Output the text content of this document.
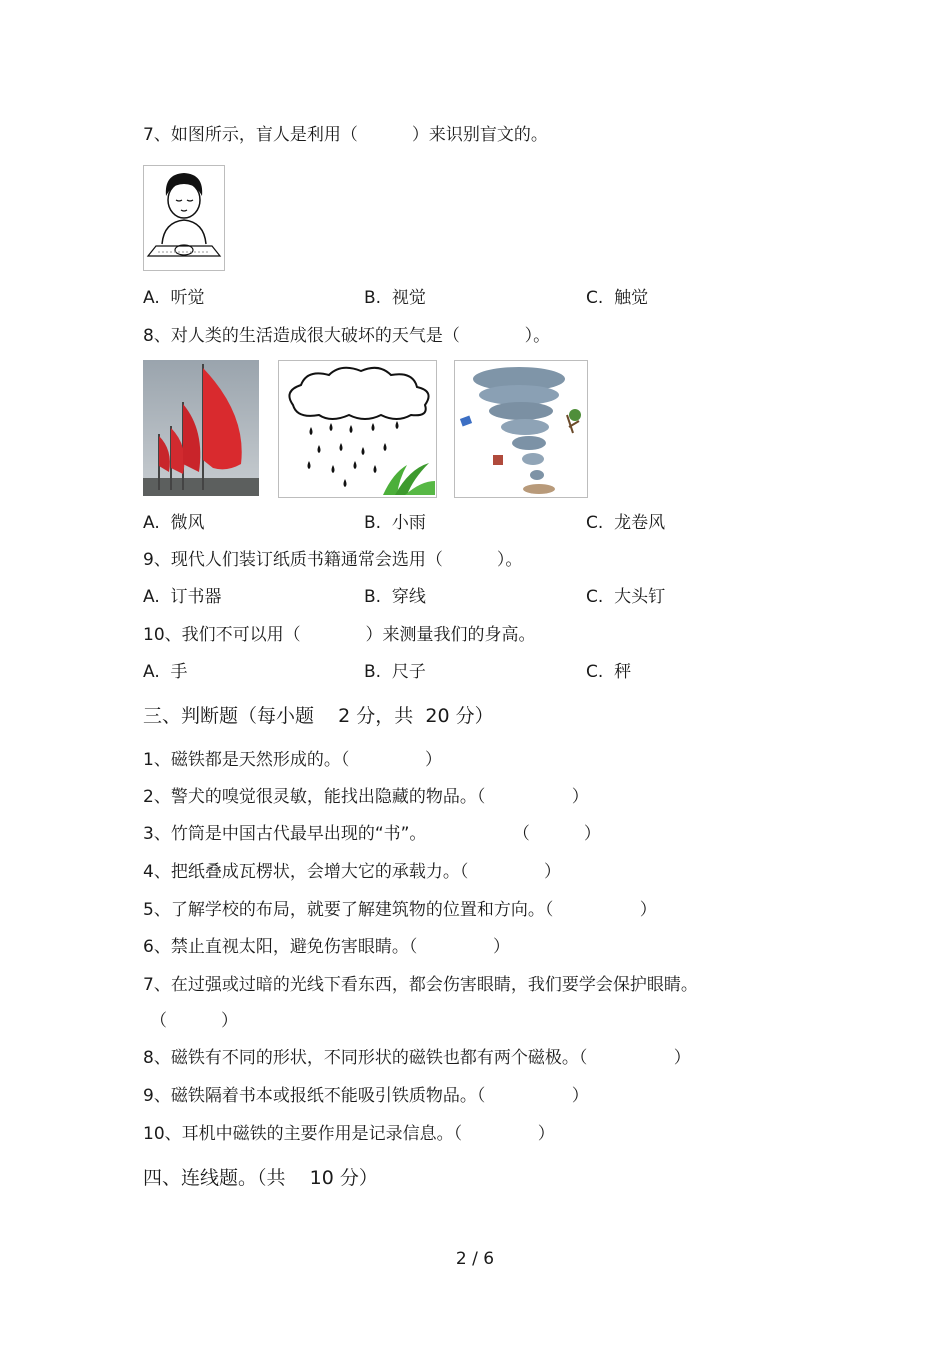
7、如图所示，盲人是利用（          ）来识别盲文的。
A.  听觉	B.  视觉	C.  触觉
8、对人类的生活造成很大破坏的天气是（            ）。
A.  微风	B.  小雨	C.  龙卷风
9、现代人们装订纸质书籍通常会选用（          ）。
A.  订书器	B.  穿线	C.  大头钉
10、我们不可以用（            ）来测量我们的身高。
A.  手	B.  尺子	C.  秤
三、判断题（每小题    2 分，共  20 分）
1、磁铁都是天然形成的。（              ）
2、警犬的嗅觉很灵敏，能找出隐藏的物品。（                ）
3、竹筒是中国古代最早出现的“书”。                （          ）
4、把纸叠成瓦楞状，会增大它的承载力。（              ）
5、了解学校的布局，就要了解建筑物的位置和方向。（                ）
6、禁止直视太阳，避免伤害眼睛。（              ）
7、在过强或过暗的光线下看东西，都会伤害眼睛，我们要学会保护眼睛。
（          ）
8、磁铁有不同的形状，不同形状的磁铁也都有两个磁极。（                ）
9、磁铁隔着书本或报纸不能吸引铁质物品。（                ）
10、耳机中磁铁的主要作用是记录信息。（              ）
四、连线题。（共    10 分）
2 / 6
